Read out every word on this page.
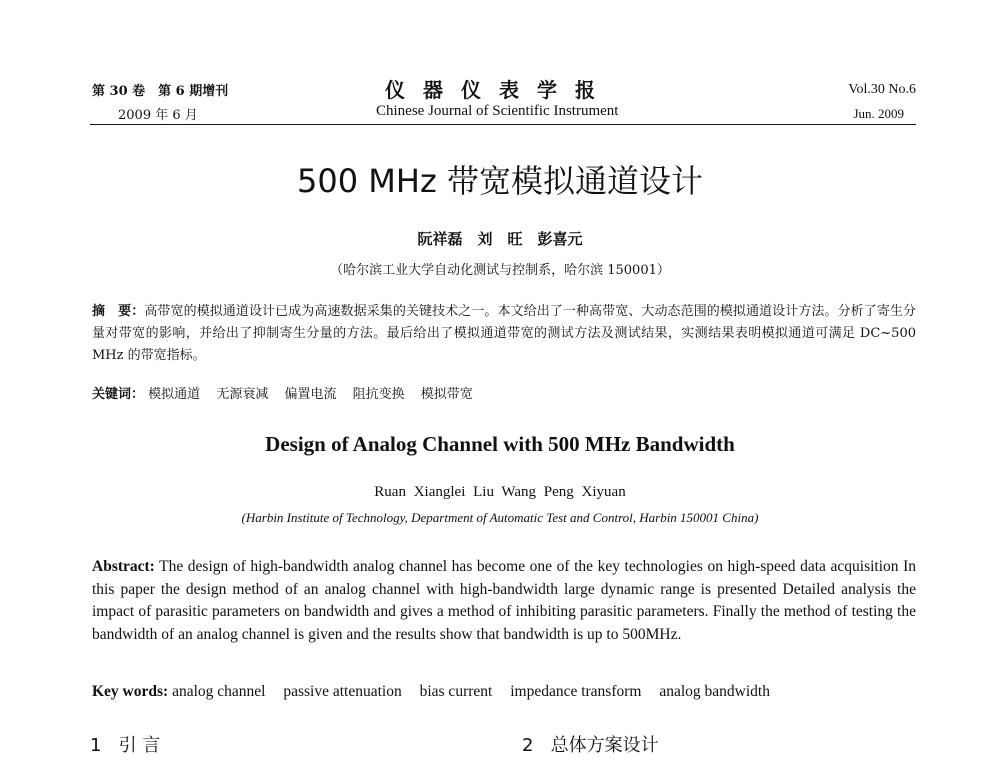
第 30 卷　第 6 期增刊
2009 年 6 月
仪器仪表学报
Chinese Journal of Scientific Instrument
Vol.30 No.6
Jun. 2009
500 MHz 带宽模拟通道设计
阮祥磊　刘　旺　彭喜元
（哈尔滨工业大学自动化测试与控制系，哈尔滨 150001）
摘　要：高带宽的模拟通道设计已成为高速数据采集的关键技术之一。本文给出了一种高带宽、大动态范围的模拟通道设计方法。分析了寄生分量对带宽的影响，并给出了抑制寄生分量的方法。最后给出了模拟通道带宽的测试方法及测试结果，实测结果表明模拟通道可满足 DC~500 MHz 的带宽指标。
关键词： 模拟通道 无源衰减 偏置电流 阻抗变换 模拟带宽
Design of Analog Channel with 500 MHz Bandwidth
Ruan Xianglei Liu Wang Peng Xiyuan
(Harbin Institute of Technology, Department of Automatic Test and Control, Harbin 150001 China)
Abstract: The design of high-bandwidth analog channel has become one of the key technologies on high-speed data acquisition In this paper the design method of an analog channel with high-bandwidth large dynamic range is presented Detailed analysis the impact of parasitic parameters on bandwidth and gives a method of inhibiting parasitic parameters. Finally the method of testing the bandwidth of an analog channel is given and the results show that bandwidth is up to 500MHz.
Key words: analog channel passive attenuation bias current impedance transform analog bandwidth
1 引 言	2 总体方案设计
